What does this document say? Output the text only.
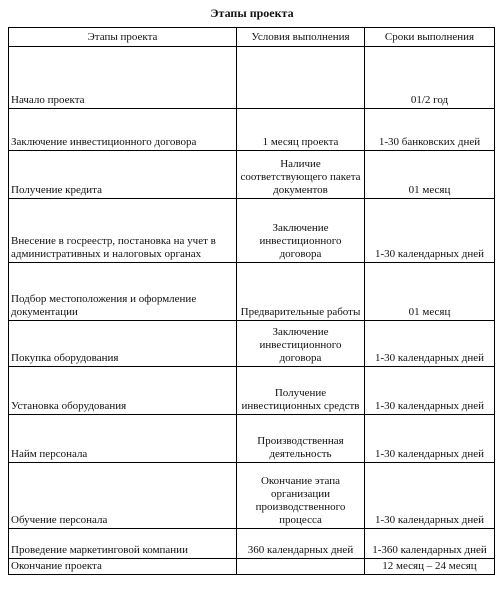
Этапы проекта
Этапы проекта	Условия выполнения	Сроки выполнения
Начало проекта		01/2 год
Заключение инвестиционного договора	1 месяц проекта	1-30 банковских дней
Получение кредита	Наличие соответствующего пакета документов	01 месяц
Внесение в госреестр, постановка на учет в административных и налоговых органах	Заключение инвестиционного договора	1-30 календарных дней
Подбор местоположения и оформление документации	Предварительные работы	01 месяц
Покупка оборудования	Заключение инвестиционного договора	1-30 календарных дней
Установка оборудования	Получение инвестиционных средств	1-30 календарных дней
Найм персонала	Производственная деятельность	1-30 календарных дней
Обучение персонала	Окончание этапа организации производственного процесса	1-30 календарных дней
Проведение маркетинговой компании	360 календарных дней	1-360 календарных дней
Окончание проекта		12 месяц – 24 месяц
